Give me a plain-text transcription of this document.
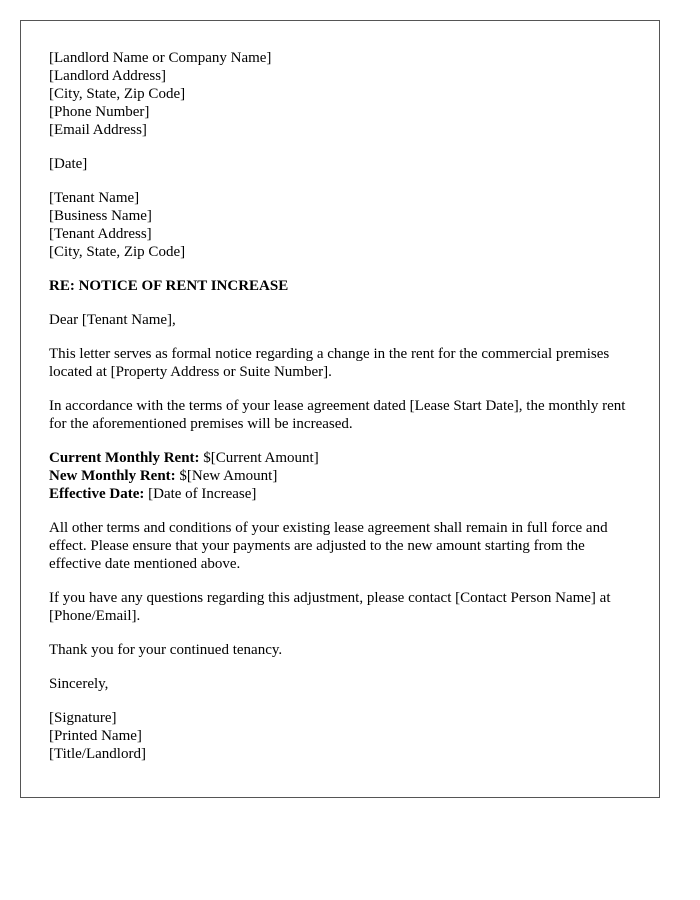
[Landlord Name or Company Name]
[Landlord Address]
[City, State, Zip Code]
[Phone Number]
[Email Address]
[Date]
[Tenant Name]
[Business Name]
[Tenant Address]
[City, State, Zip Code]
RE: NOTICE OF RENT INCREASE
Dear [Tenant Name],
This letter serves as formal notice regarding a change in the rent for the commercial premises located at [Property Address or Suite Number].
In accordance with the terms of your lease agreement dated [Lease Start Date], the monthly rent for the aforementioned premises will be increased.
Current Monthly Rent: $[Current Amount]
New Monthly Rent: $[New Amount]
Effective Date: [Date of Increase]
All other terms and conditions of your existing lease agreement shall remain in full force and effect. Please ensure that your payments are adjusted to the new amount starting from the effective date mentioned above.
If you have any questions regarding this adjustment, please contact [Contact Person Name] at [Phone/Email].
Thank you for your continued tenancy.
Sincerely,
[Signature]
[Printed Name]
[Title/Landlord]
